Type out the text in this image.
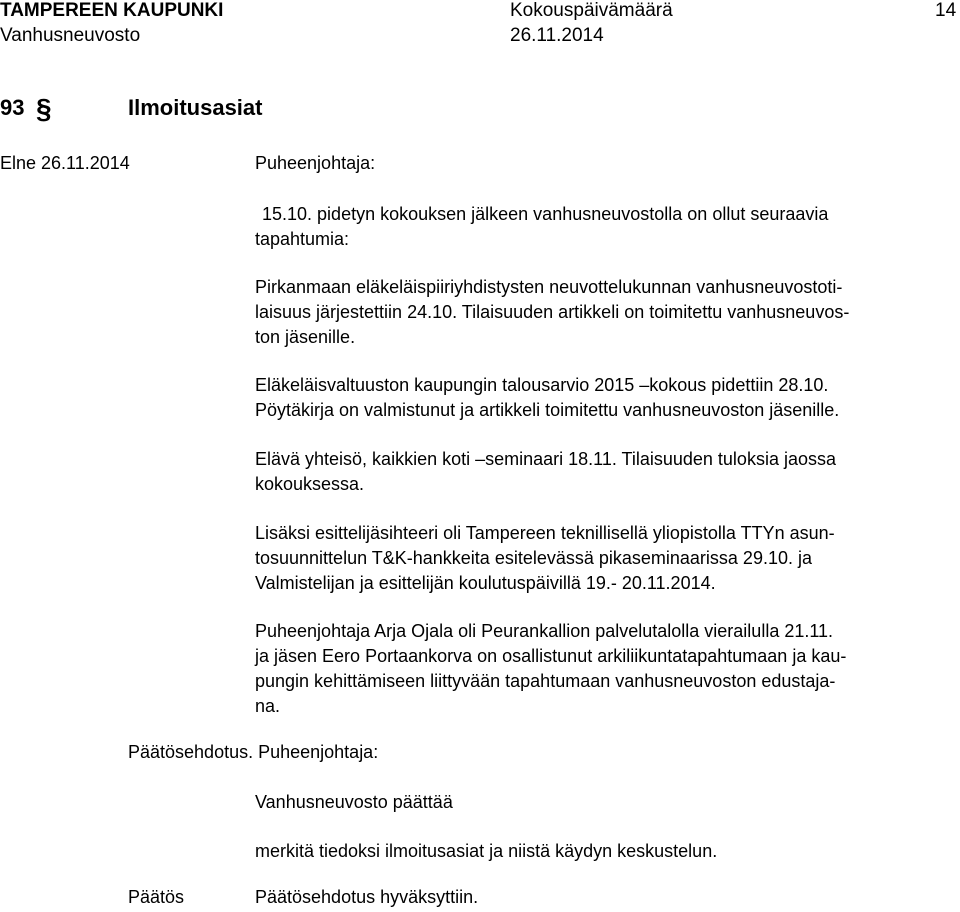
TAMPEREEN KAUPUNKI	Kokouspäivämäärä	14
Vanhusneuvosto	26.11.2014
93 §	Ilmoitusasiat
Elne 26.11.2014	Puheenjohtaja:
15.10. pidetyn kokouksen jälkeen vanhusneuvostolla on ollut seuraavia
tapahtumia:
Pirkanmaan eläkeläispiiriyhdistysten neuvottelukunnan vanhusneuvostoti-
laisuus järjestettiin 24.10. Tilaisuuden artikkeli on toimitettu vanhusneuvos-
ton jäsenille.
Eläkeläisvaltuuston kaupungin talousarvio 2015 –kokous pidettiin 28.10.
Pöytäkirja on valmistunut ja artikkeli toimitettu vanhusneuvoston jäsenille.
Elävä yhteisö, kaikkien koti –seminaari 18.11. Tilaisuuden tuloksia jaossa
kokouksessa.
Lisäksi esittelijäsihteeri oli Tampereen teknillisellä yliopistolla TTYn asun-
tosuunnittelun T&K-hankkeita esitelevässä pikaseminaarissa 29.10. ja
Valmistelijan ja esittelijän koulutuspäivillä 19.- 20.11.2014.
Puheenjohtaja Arja Ojala oli Peurankallion palvelutalolla vierailulla 21.11.
ja jäsen Eero Portaankorva on osallistunut arkiliikuntatapahtumaan ja kau-
pungin kehittämiseen liittyvään tapahtumaan vanhusneuvoston edustaja-
na.
Päätösehdotus. Puheenjohtaja:
Vanhusneuvosto päättää
merkitä tiedoksi ilmoitusasiat ja niistä käydyn keskustelun.
Päätös	Päätösehdotus hyväksyttiin.
